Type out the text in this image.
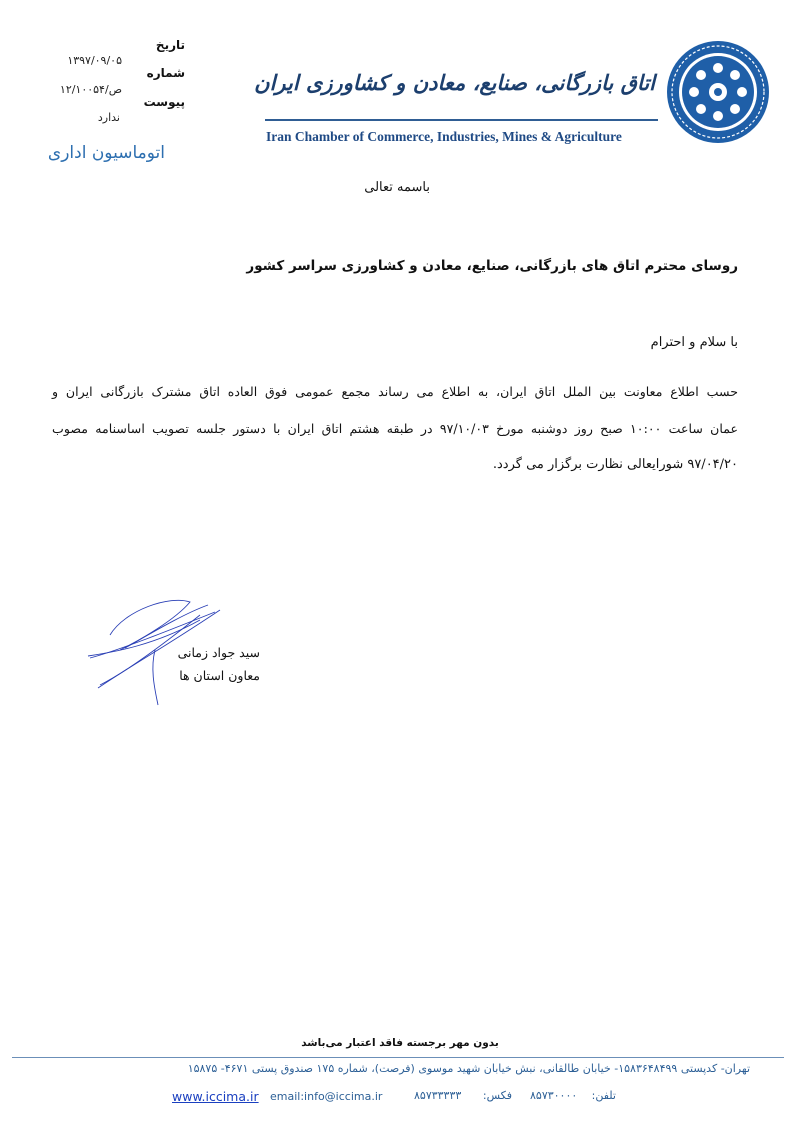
تاریخ
۱۳۹۷/۰۹/۰۵
شماره
۱۲/۱۰۰۵۴/ص
پیوست
ندارد
اتوماسیون اداری
اتاق بازرگانی، صنایع، معادن و کشاورزی ایران
Iran Chamber of Commerce, Industries, Mines & Agriculture
باسمه تعالی
روسای محترم اتاق های بازرگانی، صنایع، معادن و کشاورزی سراسر کشور
با سلام و احترام
حسب اطلاع معاونت بین الملل اتاق ایران، به اطلاع می رساند مجمع عمومی فوق العاده اتاق مشترک بازرگانی ایران و
عمان ساعت ۱۰:۰۰ صبح روز دوشنبه مورخ ۹۷/۱۰/۰۳ در طبقه هشتم اتاق ایران با دستور جلسه تصویب اساسنامه مصوب
۹۷/۰۴/۲۰ شورایعالی نظارت برگزار می گردد.
سید جواد زمانی
معاون استان ها
بدون مهر برجسته فاقد اعتبار می‌باشد
تهران- کدپستی ۱۵۸۳۶۴۸۴۹۹- خیابان طالقانی، نبش خیابان شهید موسوی (فرصت)، شماره ۱۷۵ صندوق پستی ۴۶۷۱- ۱۵۸۷۵
تلفن:
۸۵۷۳۰۰۰۰
فکس:
۸۵۷۳۳۳۳۳
email:info@iccima.ir
www.iccima.ir
